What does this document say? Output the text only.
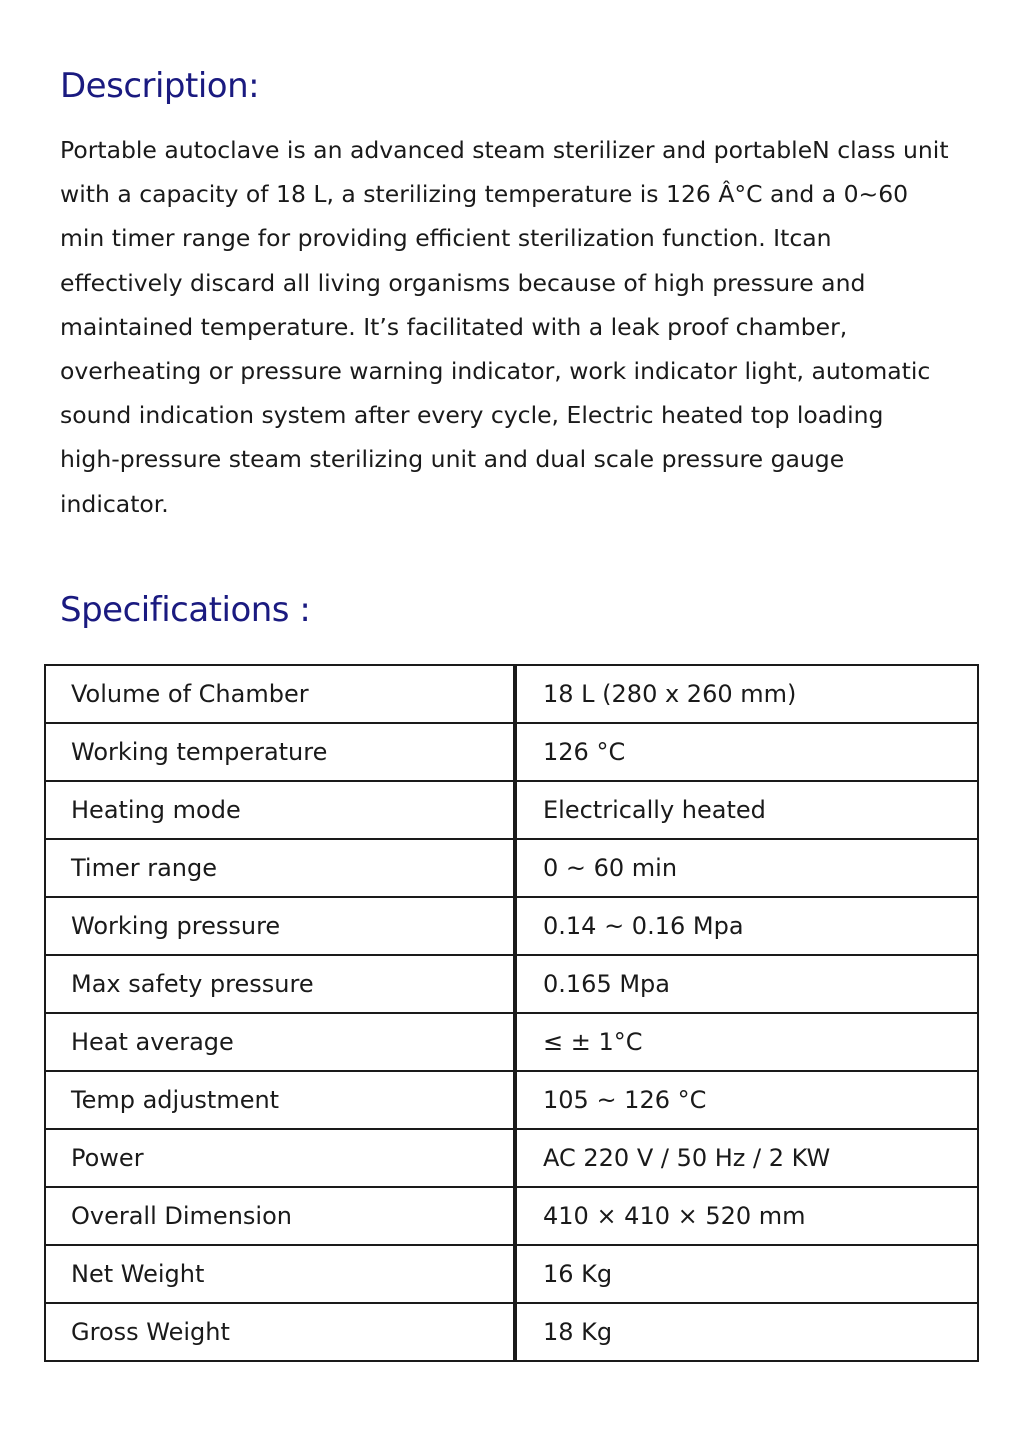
Description:

Portable autoclave is an advanced steam sterilizer and portableN class unit
with a capacity of 18 L, a sterilizing temperature is 126 Â°C and a 0~60
min timer range for providing efficient sterilization function. Itcan
effectively discard all living organisms because of high pressure and
maintained temperature. It’s facilitated with a leak proof chamber,
overheating or pressure warning indicator, work indicator light, automatic
sound indication system after every cycle, Electric heated top loading
high-pressure steam sterilizing unit and dual scale pressure gauge
indicator.

Specifications :
Volume of Chamber	18 L (280 x 260 mm)
Working temperature	126 °C
Heating mode	Electrically heated
Timer range	0 ~ 60 min
Working pressure	0.14 ~ 0.16 Mpa
Max safety pressure	0.165 Mpa
Heat average	≤ ± 1°C
Temp adjustment	105 ~ 126 °C
Power	AC 220 V / 50 Hz / 2 KW
Overall Dimension	410 × 410 × 520 mm
Net Weight	16 Kg
Gross Weight	18 Kg
